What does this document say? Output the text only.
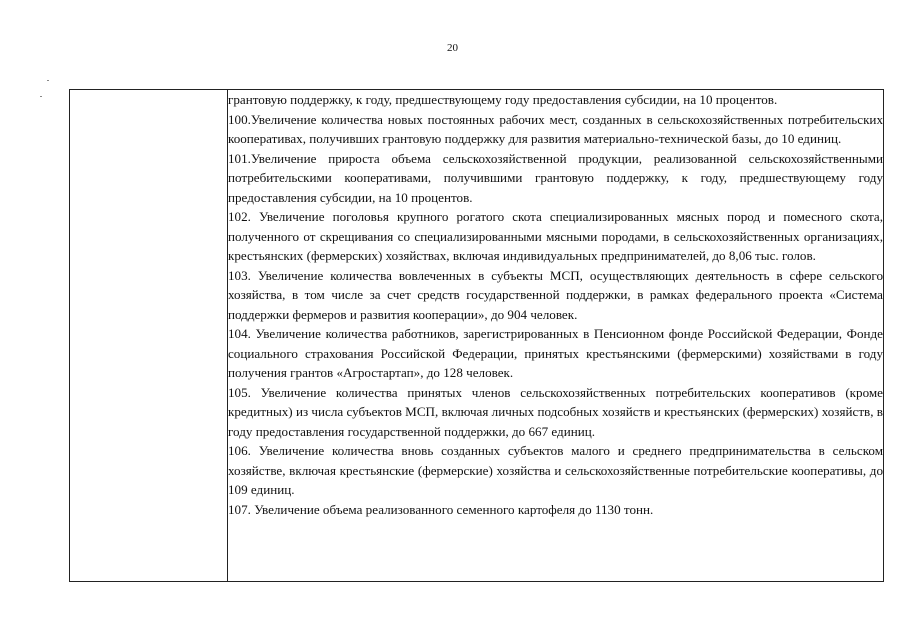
20

грантовую поддержку, к году, предшествующему году предоставления субсидии, на 10 процентов.

100.Увеличение количества новых постоянных рабочих мест, созданных в сельскохозяйственных потребительских кооперативах, получивших грантовую поддержку для развития материально-технической базы, до 10 единиц.

101.Увеличение прироста объема сельскохозяйственной продукции, реализованной сельскохозяйственными потребительскими кооперативами, получившими грантовую поддержку, к году, предшествующему году предоставления субсидии, на 10 процентов.

102. Увеличение поголовья крупного рогатого скота специализированных мясных пород и помесного скота, полученного от скрещивания со специализированными мясными породами, в сельскохозяйственных организациях, крестьянских (фермерских) хозяйствах, включая индивидуальных предпринимателей, до 8,06 тыс. голов.

103. Увеличение количества вовлеченных в субъекты МСП, осуществляющих деятельность в сфере сельского хозяйства, в том числе за счет средств государственной поддержки, в рамках федерального проекта «Система поддержки фермеров и развития кооперации», до 904 человек.

104. Увеличение количества работников, зарегистрированных в Пенсионном фонде Российской Федерации, Фонде социального страхования Российской Федерации, принятых крестьянскими (фермерскими) хозяйствами в году получения грантов «Агростартап», до 128 человек.

105. Увеличение количества принятых членов сельскохозяйственных потребительских кооперативов (кроме кредитных) из числа субъектов МСП, включая личных подсобных хозяйств и крестьянских (фермерских) хозяйств, в году предоставления государственной поддержки, до 667 единиц.

106. Увеличение количества вновь созданных субъектов малого и среднего предпринимательства в сельском хозяйстве, включая крестьянские (фермерские) хозяйства и сельскохозяйственные потребительские кооперативы, до 109 единиц.

107. Увеличение объема реализованного семенного картофеля до 1130 тонн.
